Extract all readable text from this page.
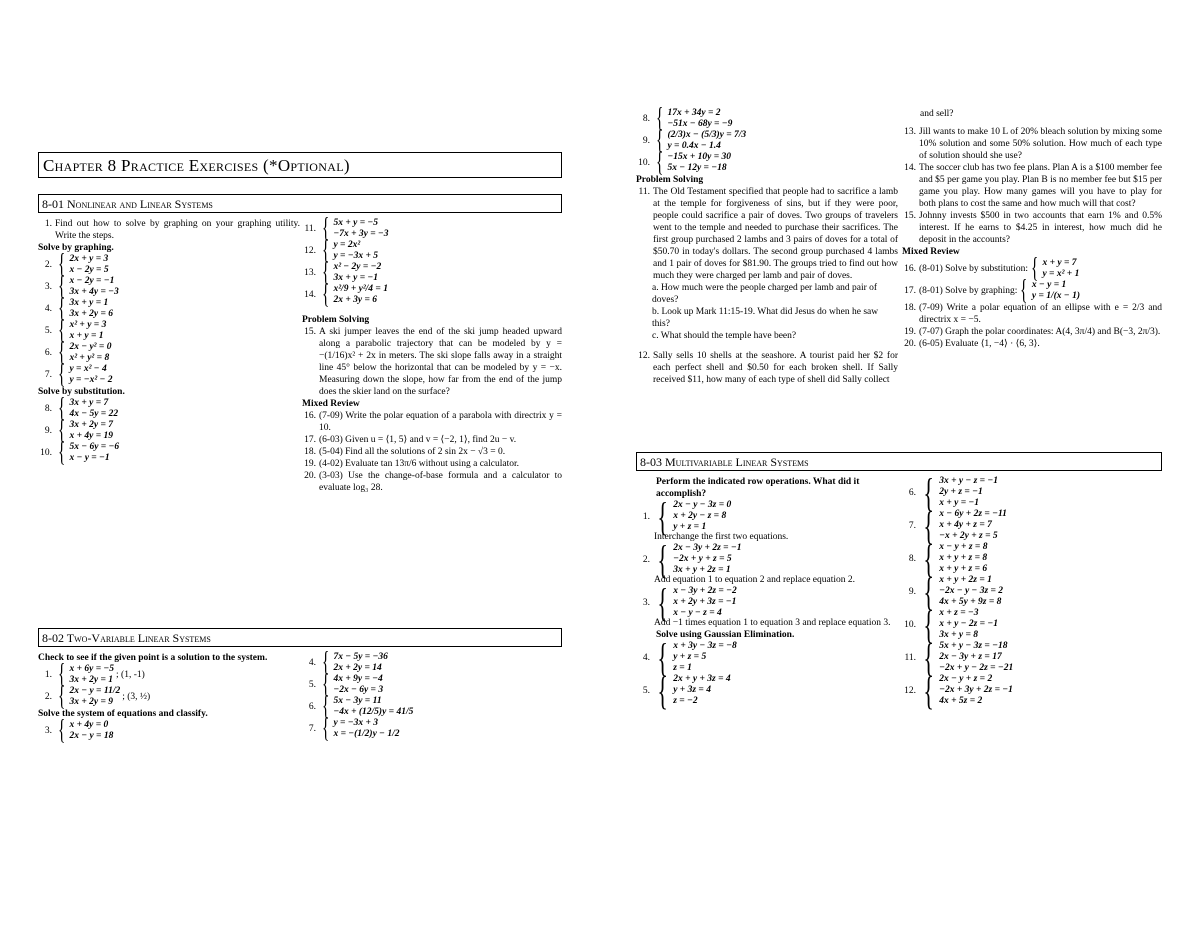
Chapter 8 Practice Exercises (*Optional)
8-01 Nonlinear and Linear Systems
1. Find out how to solve by graphing on your graphing utility. Write the steps.
Solve by graphing.
2. { 2x + y = 3
x − 2y = 5
3. { x − 2y = −1
3x + 4y = −3
4. { 3x + y = 1
3x + 2y = 6
5. { x² + y = 3
x + y = 1
6. { 2x − y² = 0
x² + y² = 8
7. { y = x² − 4
y = −x² − 2
Solve by substitution.
8. { 3x + y = 7
4x − 5y = 22
9. { 3x + 2y = 7
x + 4y = 19
10. { 5x − 6y = −6
x − y = −1
11. { 5x + y = −5
−7x + 3y = −3
12. { y = 2x²
y = −3x + 5
13. { x² − 2y = −2
3x + y = −1
14. { x²/9 + y²/4 = 1
2x + 3y = 6
Problem Solving
15. A ski jumper leaves the end of the ski jump headed upward along a parabolic trajectory that can be modeled by y = −(1/16)x² + 2x in meters. The ski slope falls away in a straight line 45° below the horizontal that can be modeled by y = −x. Measuring down the slope, how far from the end of the jump does the skier land on the surface?
Mixed Review
16. (7-09) Write the polar equation of a parabola with directrix y = 10.
17. (6-03) Given u = ⟨1, 5⟩ and v = ⟨−2, 1⟩, find 2u − v.
18. (5-04) Find all the solutions of 2 sin 2x − √3 = 0.
19. (4-02) Evaluate tan 13π/6 without using a calculator.
20. (3-03) Use the change-of-base formula and a calculator to evaluate log₃ 28.
8-02 Two-Variable Linear Systems
Check to see if the given point is a solution to the system.
1. { x + 6y = −5
3x + 2y = 1 ; (1, -1)
2. { 2x − y = 11/2
3x + 2y = 9 ; (3, ½)
Solve the system of equations and classify.
3. { x + 4y = 0
2x − y = 18
4. { 7x − 5y = −36
2x + 2y = 14
5. { 4x + 9y = −4
−2x − 6y = 3
6. { 5x − 3y = 11
−4x + (12/5)y = 41/5
7. { y = −3x + 3
x = −(1/2)y − 1/2
8. { 17x + 34y = 2
−51x − 68y = −9
9. { (2/3)x − (5/3)y = 7/3
y = 0.4x − 1.4
10. { −15x + 10y = 30
5x − 12y = −18
Problem Solving
11. The Old Testament specified that people had to sacrifice a lamb at the temple for forgiveness of sins, but if they were poor, people could sacrifice a pair of doves. Two groups of travelers went to the temple and needed to purchase their sacrifices. The first group purchased 2 lambs and 3 pairs of doves for a total of $50.70 in today's dollars. The second group purchased 4 lambs and 1 pair of doves for $81.90. The groups tried to find out how much they were charged per lamb and pair of doves.
a. How much were the people charged per lamb and pair of doves?
b. Look up Mark 11:15-19. What did Jesus do when he saw this?
c. What should the temple have been?
12. Sally sells 10 shells at the seashore. A tourist paid her $2 for each perfect shell and $0.50 for each broken shell. If Sally received $11, how many of each type of shell did Sally collect
and sell?
13. Jill wants to make 10 L of 20% bleach solution by mixing some 10% solution and some 50% solution. How much of each type of solution should she use?
14. The soccer club has two fee plans. Plan A is a $100 member fee and $5 per game you play. Plan B is no member fee but $15 per game you play. How many games will you have to play for both plans to cost the same and how much will that cost?
15. Johnny invests $500 in two accounts that earn 1% and 0.5% interest. If he earns to $4.25 in interest, how much did he deposit in the accounts?
Mixed Review
16. (8-01) Solve by substitution: { x + y = 7
y = x² + 1
17. (8-01) Solve by graphing: { x − y = 1
y = 1/(x − 1)
18. (7-09) Write a polar equation of an ellipse with e = 2/3 and directrix x = −5.
19. (7-07) Graph the polar coordinates: A(4, 3π/4) and B(−3, 2π/3).
20. (6-05) Evaluate ⟨1, −4⟩ · ⟨6, 3⟩.
8-03 Multivariable Linear Systems
Perform the indicated row operations. What did it accomplish?
1. { 2x − y − 3z = 0
x + 2y − z = 8
y + z = 1
Interchange the first two equations.
2. { 2x − 3y + 2z = −1
−2x + y + z = 5
3x + y + 2z = 1
Add equation 1 to equation 2 and replace equation 2.
3. { x − 3y + 2z = −2
x + 2y + 3z = −1
x − y − z = 4
Add −1 times equation 1 to equation 3 and replace equation 3.
Solve using Gaussian Elimination.
4. { x + 3y − 3z = −8
y + z = 5
z = 1
5. { 2x + y + 3z = 4
y + 3z = 4
z = −2
6. { 3x + y − z = −1
2y + z = −1
x + y = −1
7. { x − 6y + 2z = −11
x + 4y + z = 7
−x + 2y + z = 5
8. { x − y + z = 8
x + y + z = 8
x + y + z = 6
9. { x + y + 2z = 1
−2x − y − 3z = 2
4x + 5y + 9z = 8
10. { x + z = −3
x + y − 2z = −1
3x + y = 8
11. { 5x + y − 3z = −18
2x − 3y + z = 17
−2x + y − 2z = −21
12. { 2x − y + z = 2
−2x + 3y + 2z = −1
4x + 5z = 2
